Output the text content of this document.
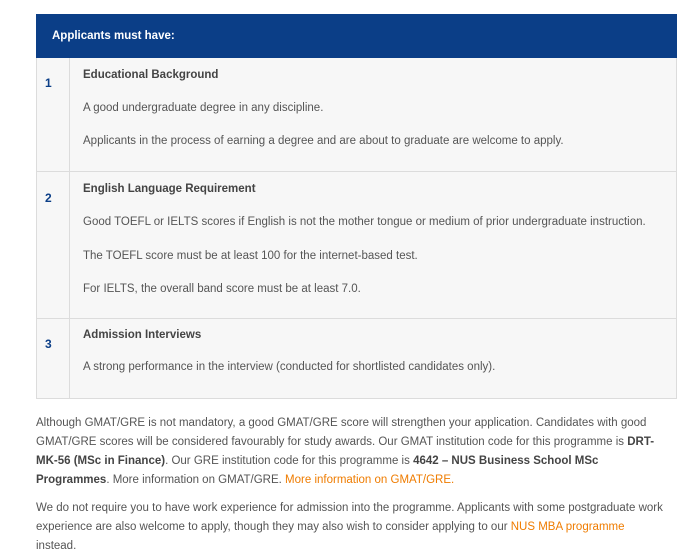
Applicants must have:
1
Educational Background
A good undergraduate degree in any discipline.
Applicants in the process of earning a degree and are about to graduate are welcome to apply.
2
English Language Requirement
Good TOEFL or IELTS scores if English is not the mother tongue or medium of prior undergraduate instruction.
The TOEFL score must be at least 100 for the internet-based test.
For IELTS, the overall band score must be at least 7.0.
3
Admission Interviews
A strong performance in the interview (conducted for shortlisted candidates only).
Although GMAT/GRE is not mandatory, a good GMAT/GRE score will strengthen your application. Candidates with good GMAT/GRE scores will be considered favourably for study awards. Our GMAT institution code for this programme is DRT-MK-56 (MSc in Finance). Our GRE institution code for this programme is 4642 – NUS Business School MSc Programmes. More information on GMAT/GRE. More information on GMAT/GRE.
We do not require you to have work experience for admission into the programme. Applicants with some postgraduate work experience are also welcome to apply, though they may also wish to consider applying to our NUS MBA programme instead.
